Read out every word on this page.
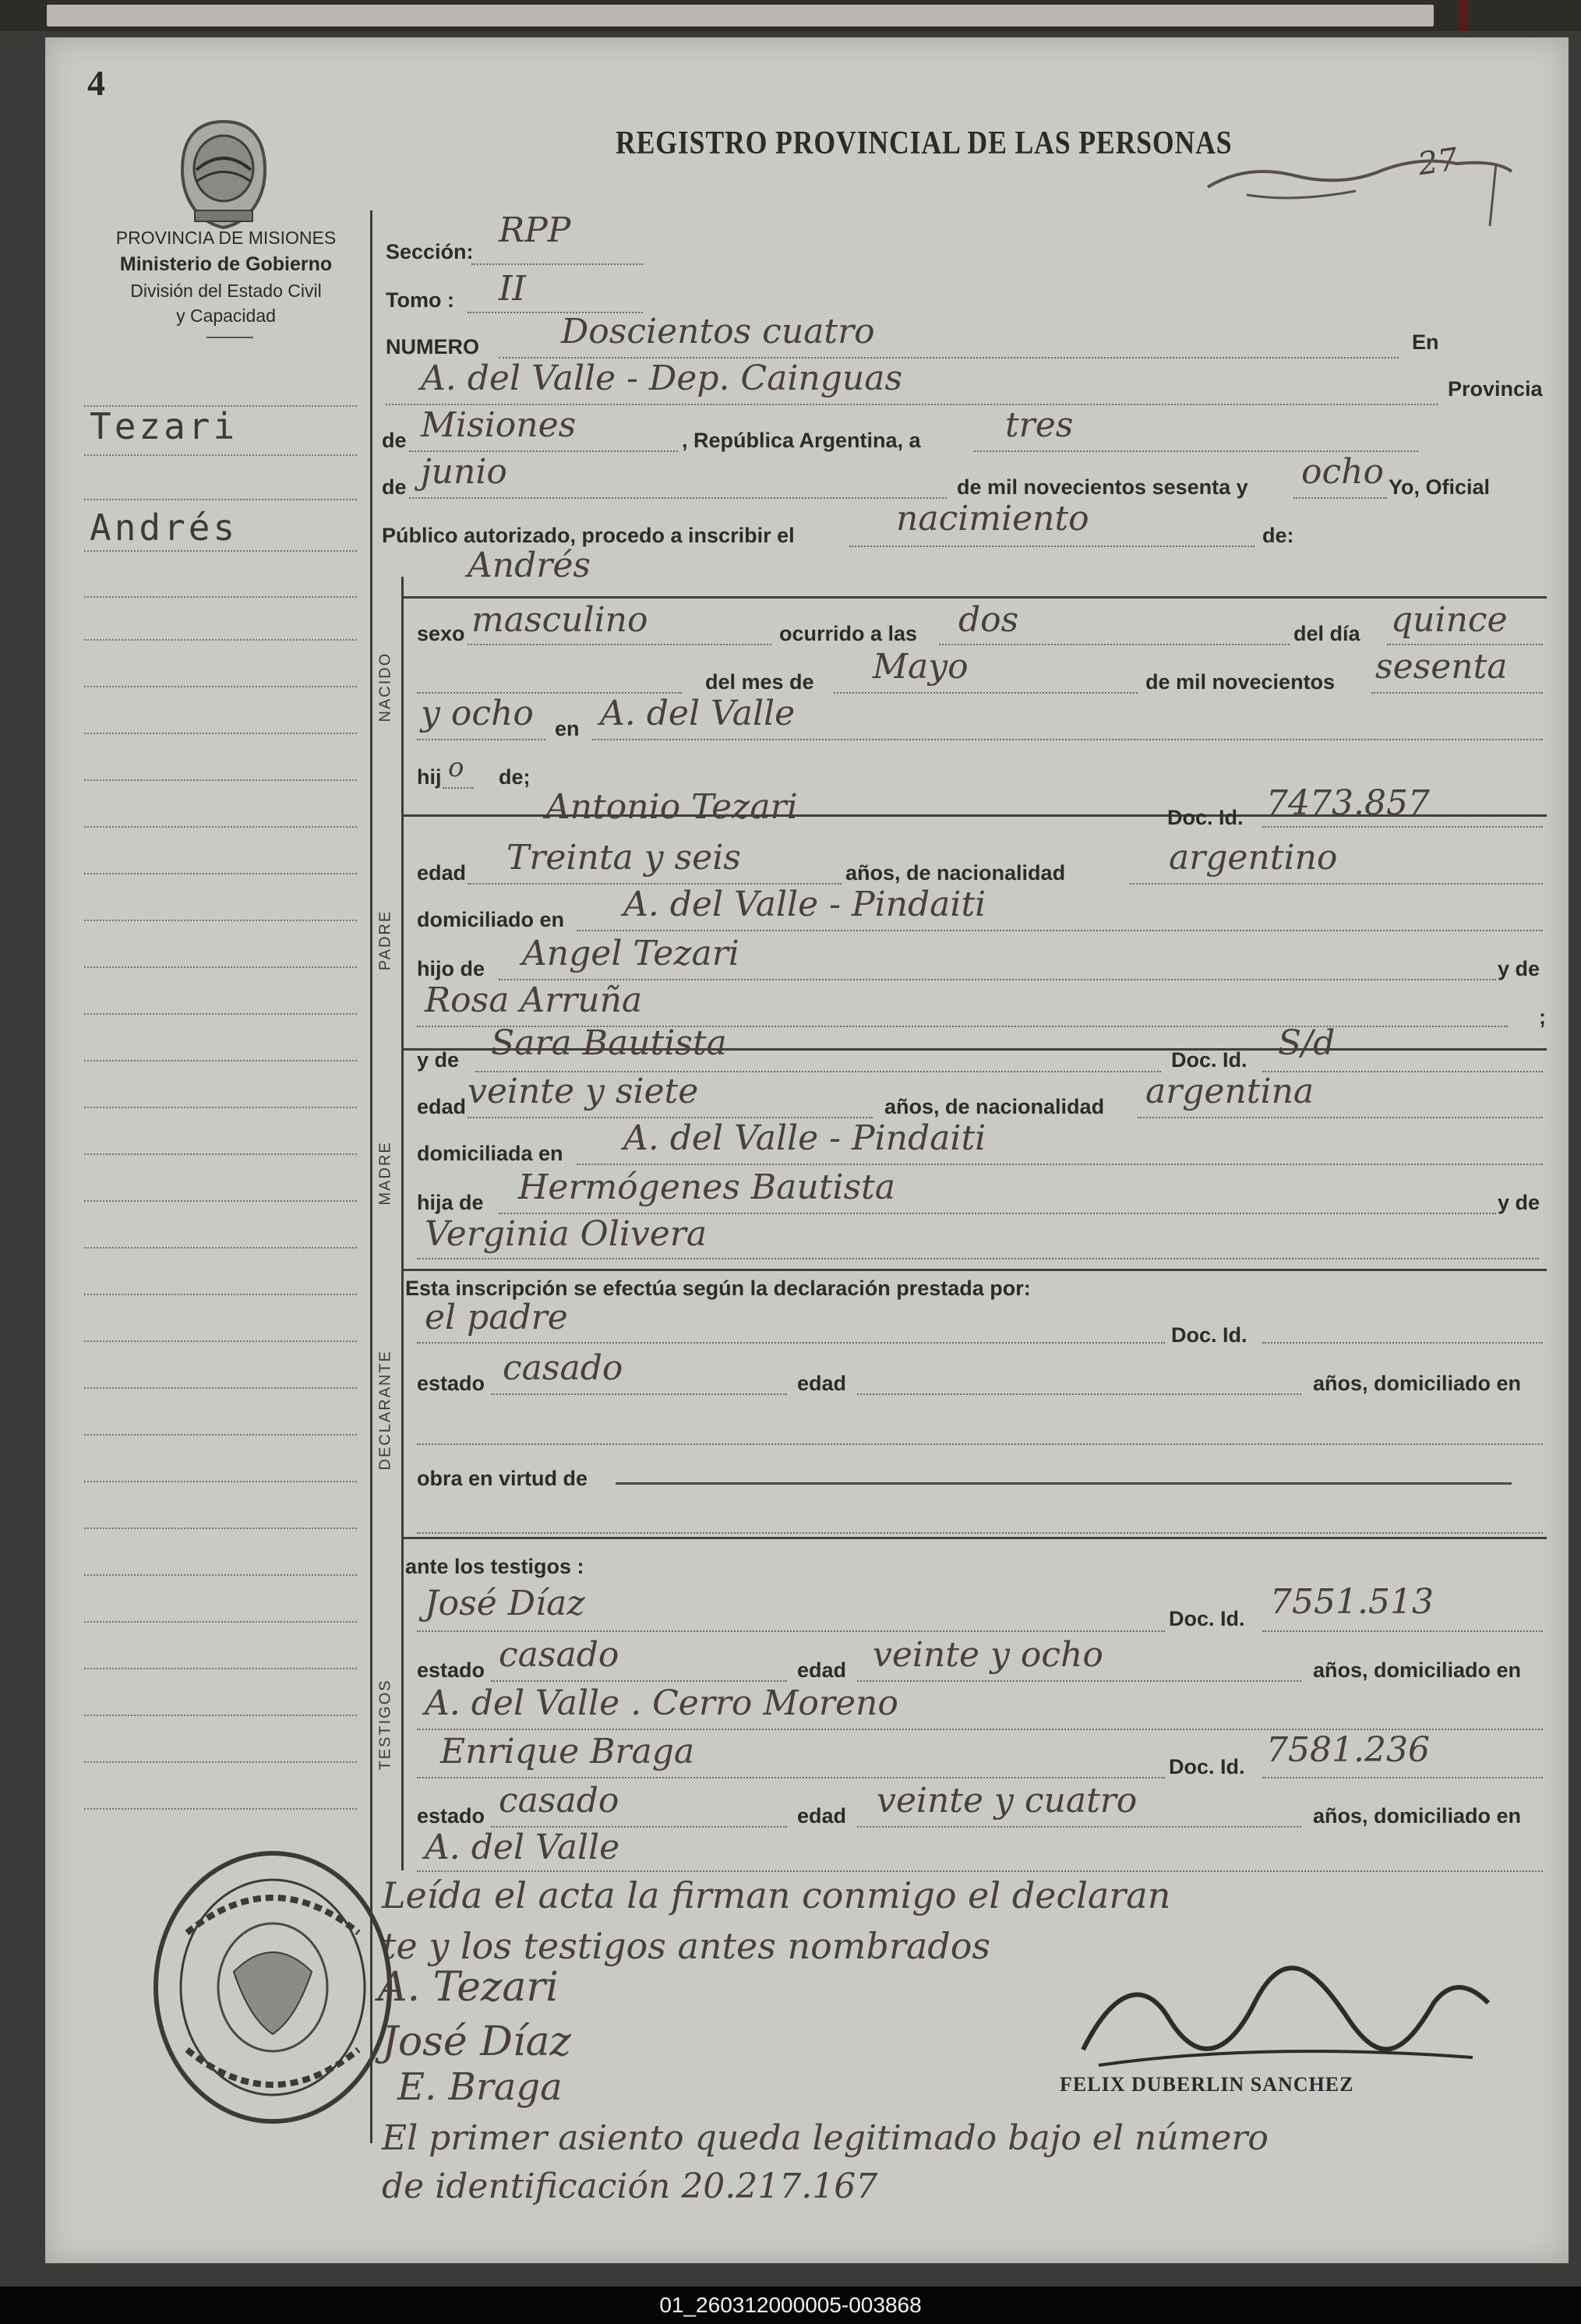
4
PROVINCIA DE MISIONES
Ministerio de Gobierno
División del Estado Civil
y Capacidad
REGISTRO PROVINCIAL DE LAS PERSONAS	27
Tezari
Andrés
Sección:
RPP
Tomo : II
NUMERO Doscientos cuatro	En
A. del Valle - Dep. Cainguas	Provincia
de Misiones	, República Argentina, a tres
de junio	de mil novecientos sesenta y ocho Yo, Oficial
Público autorizado, procedo a inscribir el	nacimiento	de:
Andrés
NACIDO
sexo masculino	ocurrido a las dos	del día quince
del mes de Mayo	de mil novecientos sesenta
y ocho en A. del Valle
hij o de;
PADRE
Antonio Tezari	Doc. Id. 7473.857
edad Treinta y seis	años, de nacionalidad	argentino
domiciliado en A. del Valle - Pindaiti
hijo de Angel Tezari	y de
Rosa Arruña	;
MADRE
y de Sara Bautista	Doc. Id. S/d
edad veinte y siete	años, de nacionalidad argentina
domiciliada en A. del Valle - Pindaiti
hija de Hermógenes Bautista	y de
Verginia Olivera
Esta inscripción se efectúa según la declaración prestada por:
DECLARANTE
el padre	Doc. Id.
estado casado	edad	años, domiciliado en
obra en virtud de
ante los testigos :
TESTIGOS
José Díaz	Doc. Id. 7551.513
estado casado	edad veinte y ocho	años, domiciliado en
A. del Valle . Cerro Moreno
Enrique Braga	Doc. Id. 7581.236
estado casado	edad veinte y cuatro	años, domiciliado en
A. del Valle
Leída el acta la firman conmigo el declaran
te y los testigos antes nombrados
A. Tezari
José Díaz
E. Braga	FELIX DUBERLIN SANCHEZ
El primer asiento queda legitimado bajo el número
de identificación 20.217.167
01_260312000005-003868
